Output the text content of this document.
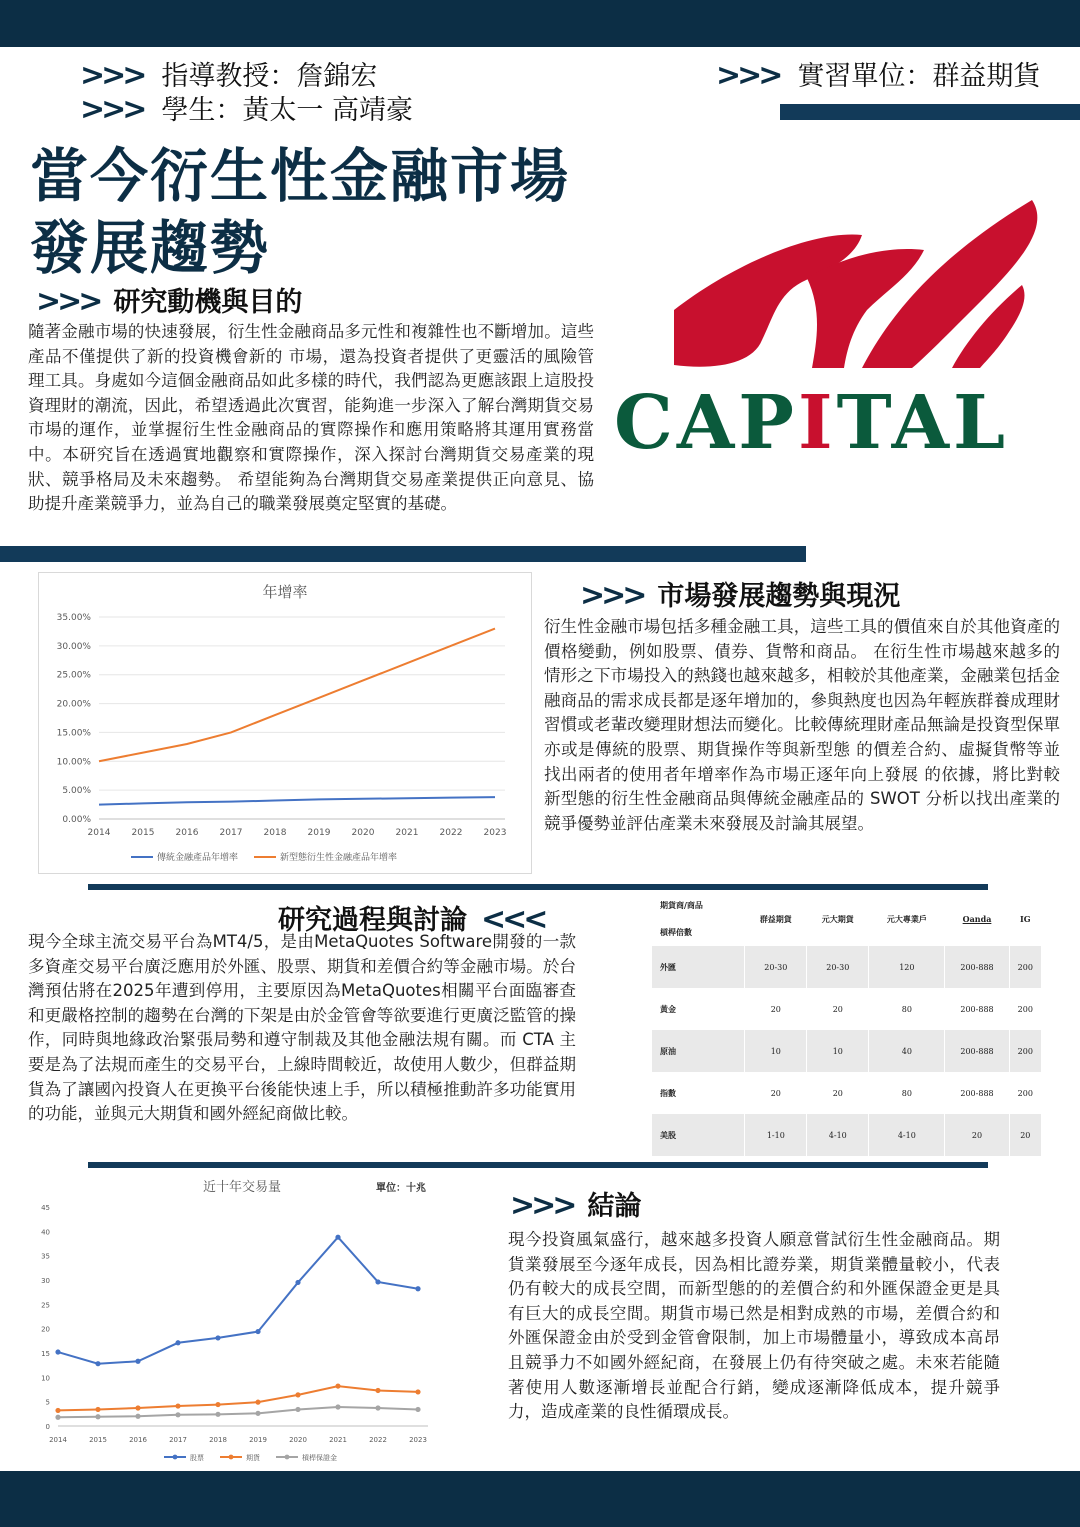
>>> 指導教授：詹錦宏
>>> 學生：黃太一 高靖豪
>>> 實習單位：群益期貨
當今衍生性金融市場
發展趨勢
CAPITAL
>>> 研究動機與目的
隨著金融市場的快速發展，衍生性金融商品多元性和複雜性也不斷增加。這些產品不僅提供了新的投資機會新的 市場，還為投資者提供了更靈活的風險管理工具。身處如今這個金融商品如此多樣的時代，我們認為更應該跟上這股投資理財的潮流，因此，希望透過此次實習，能夠進一步深入了解台灣期貨交易市場的運作，並掌握衍生性金融商品的實際操作和應用策略將其運用實務當中。本研究旨在透過實地觀察和實際操作，深入探討台灣期貨交易產業的現狀、競爭格局及未來趨勢。 希望能夠為台灣期貨交易產業提供正向意見、協助提升產業競爭力，並為自己的職業發展奠定堅實的基礎。
年增率
0.00%
5.00%
10.00%
15.00%
20.00%
25.00%
30.00%
35.00%
2014 2015 2016 2017 2018 2019 2020 2021 2022 2023
傳統金融產品年增率	新型態衍生性金融產品年增率
>>> 市場發展趨勢與現況
衍生性金融市場包括多種金融工具，這些工具的價值來自於其他資產的價格變動，例如股票、債券、貨幣和商品。 在衍生性市場越來越多的情形之下市場投入的熱錢也越來越多，相較於其他產業，金融業包括金融商品的需求成長都是逐年增加的，參與熱度也因為年輕族群養成理財習慣或老輩改變理財想法而變化。比較傳統理財產品無論是投資型保單亦或是傳統的股票、期貨操作等與新型態 的價差合約、虛擬貨幣等並找出兩者的使用者年增率作為市場正逐年向上發展 的依據，將比對較新型態的衍生性金融商品與傳統金融產品的 SWOT 分析以找出產業的競爭優勢並評估產業未來發展及討論其展望。
研究過程與討論 <<<
現今全球主流交易平台為MT4/5，是由MetaQuotes Software開發的一款多資產交易平台廣泛應用於外匯、股票、期貨和差價合約等金融市場。於台灣預估將在2025年遭到停用，主要原因為MetaQuotes相關平台面臨審查和更嚴格控制的趨勢在台灣的下架是由於金管會等欲要進行更廣泛監管的操作，同時與地緣政治緊張局勢和遵守制裁及其他金融法規有關。而 CTA 主要是為了法規而產生的交易平台，上線時間較近，故使用人數少，但群益期貨為了讓國內投資人在更換平台後能快速上手，所以積極推動許多功能實用的功能，並與元大期貨和國外經紀商做比較。
期貨商/商品
槓桿倍數	群益期貨	元大期貨	元大專業戶	Oanda	IG
外匯	20-30	20-30	120	200-888	200
黃金	20	20	80	200-888	200
原油	10	10	40	200-888	200
指數	20	20	80	200-888	200
美股	1-10	4-10	4-10	20	20
近十年交易量	單位：十兆
0
5
10
15
20
25
30
35
40
45
2014	2015	2016	2017	2018	2019	2020	2021	2022	2023
股票	期貨	槓桿保證金
>>> 結論
現今投資風氣盛行，越來越多投資人願意嘗試衍生性金融商品。期貨業發展至今逐年成長，因為相比證券業，期貨業體量較小，代表仍有較大的成長空間，而新型態的的差價合約和外匯保證金更是具有巨大的成長空間。期貨市場已然是相對成熟的市場，差價合約和外匯保證金由於受到金管會限制，加上市場體量小，導致成本高昂且競爭力不如國外經紀商，在發展上仍有待突破之處。未來若能隨著使用人數逐漸增長並配合行銷，變成逐漸降低成本，提升競爭力，造成產業的良性循環成長。
